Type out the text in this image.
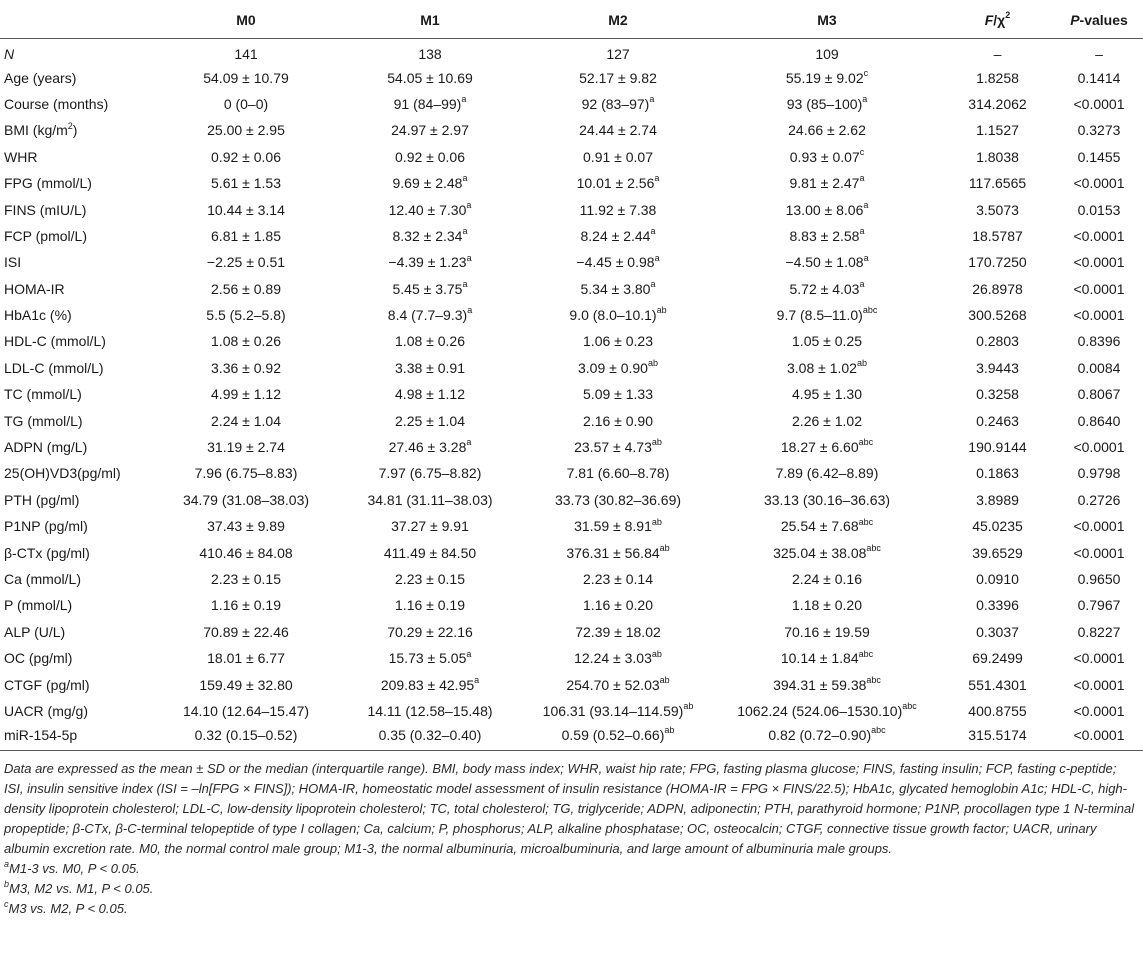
	M0	M1	M2	M3	$F/\chi^2$	P-values
N	141	138	127	109	–	–
Age (years)	54.09 ± 10.79	54.05 ± 10.69	52.17 ± 9.82	55.19 ± 9.02$^c$	1.8258	0.1414
Course (months)	0 (0–0)	91 $(84-99)^a$	92 $(83-97)^a$	93 $(85-100)^a$	314.2062	<0.0001
BMI $(kg/m^2)$	25.00 ± 2.95	24.97 ± 2.97	24.44 ± 2.74	24.66 ± 2.62	1.1527	0.3273
WHR	0.92 ± 0.06	0.92 ± 0.06	0.91 ± 0.07	0.93 ± 0.07$^c$	1.8038	0.1455
FPG (mmol/L)	5.61 ± 1.53	9.69 ± 2.48$^a$	10.01 ± 2.56$^a$	9.81 ± 2.47$^a$	117.6565	<0.0001
FINS (mIU/L)	10.44 ± 3.14	12.40 ± 7.30$^a$	11.92 ± 7.38	13.00 ± 8.06$^a$	3.5073	0.0153
FCP (pmol/L)	6.81 ± 1.85	8.32 ± 2.34$^a$	8.24 ± 2.44$^a$	8.83 ± 2.58$^a$	18.5787	<0.0001
ISI	−2.25 ± 0.51	−4.39 ± 1.23$^a$	−4.45 ± 0.98$^a$	−4.50 ± 1.08$^a$	170.7250	<0.0001
HOMA-IR	2.56 ± 0.89	5.45 ± 3.75$^a$	5.34 ± 3.80$^a$	5.72 ± 4.03$^a$	26.8978	<0.0001
HbA1c (%)	5.5 (5.2–5.8)	8.4 $(7.7-9.3)^a$	9.0 $(8.0-10.1)^{ab}$	9.7 $(8.5-11.0)^{abc}$	300.5268	<0.0001
HDL-C (mmol/L)	1.08 ± 0.26	1.08 ± 0.26	1.06 ± 0.23	1.05 ± 0.25	0.2803	0.8396
LDL-C (mmol/L)	3.36 ± 0.92	3.38 ± 0.91	3.09 ± 0.90$^{ab}$	3.08 ± 1.02$^{ab}$	3.9443	0.0084
TC (mmol/L)	4.99 ± 1.12	4.98 ± 1.12	5.09 ± 1.33	4.95 ± 1.30	0.3258	0.8067
TG (mmol/L)	2.24 ± 1.04	2.25 ± 1.04	2.16 ± 0.90	2.26 ± 1.02	0.2463	0.8640
ADPN (mg/L)	31.19 ± 2.74	27.46 ± 3.28$^a$	23.57 ± 4.73$^{ab}$	18.27 ± 6.60$^{abc}$	190.9144	<0.0001
25(OH)VD3(pg/ml)	7.96 (6.75–8.83)	7.97 (6.75–8.82)	7.81 (6.60–8.78)	7.89 (6.42–8.89)	0.1863	0.9798
PTH (pg/ml)	34.79 (31.08–38.03)	34.81 (31.11–38.03)	33.73 (30.82–36.69)	33.13 (30.16–36.63)	3.8989	0.2726
P1NP (pg/ml)	37.43 ± 9.89	37.27 ± 9.91	31.59 ± 8.91$^{ab}$	25.54 ± 7.68$^{abc}$	45.0235	<0.0001
β-CTx (pg/ml)	410.46 ± 84.08	411.49 ± 84.50	376.31 ± 56.84$^{ab}$	325.04 ± 38.08$^{abc}$	39.6529	<0.0001
Ca (mmol/L)	2.23 ± 0.15	2.23 ± 0.15	2.23 ± 0.14	2.24 ± 0.16	0.0910	0.9650
P (mmol/L)	1.16 ± 0.19	1.16 ± 0.19	1.16 ± 0.20	1.18 ± 0.20	0.3396	0.7967
ALP (U/L)	70.89 ± 22.46	70.29 ± 22.16	72.39 ± 18.02	70.16 ± 19.59	0.3037	0.8227
OC (pg/ml)	18.01 ± 6.77	15.73 ± 5.05$^a$	12.24 ± 3.03$^{ab}$	10.14 ± 1.84$^{abc}$	69.2499	<0.0001
CTGF (pg/ml)	159.49 ± 32.80	209.83 ± 42.95$^a$	254.70 ± 52.03$^{ab}$	394.31 ± 59.38$^{abc}$	551.4301	<0.0001
UACR (mg/g)	14.10 (12.64–15.47)	14.11 (12.58–15.48)	106.31 $(93.14-114.59)^{ab}$	1062.24 $(524.06-1530.10)^{abc}$	400.8755	<0.0001
miR-154-5p	0.32 (0.15–0.52)	0.35 (0.32–0.40)	0.59 $(0.52-0.66)^{ab}$	0.82 $(0.72-0.90)^{abc}$	315.5174	<0.0001

Data are expressed as the mean ± SD or the median (interquartile range). BMI, body mass index; WHR, waist hip rate; FPG, fasting plasma glucose; FINS, fasting insulin; FCP, fasting c-peptide; ISI, insulin sensitive index (ISI = –ln[FPG × FINS]); HOMA-IR, homeostatic model assessment of insulin resistance (HOMA-IR = FPG × FINS/22.5); HbA1c, glycated hemoglobin A1c; HDL-C, high-density lipoprotein cholesterol; LDL-C, low-density lipoprotein cholesterol; TC, total cholesterol; TG, triglyceride; ADPN, adiponectin; PTH, parathyroid hormone; P1NP, procollagen type 1 N-terminal propeptide; β-CTx, β-C-terminal telopeptide of type I collagen; Ca, calcium; P, phosphorus; ALP, alkaline phosphatase; OC, osteocalcin; CTGF, connective tissue growth factor; UACR, urinary albumin excretion rate. M0, the normal control male group; M1-3, the normal albuminuria, microalbuminuria, and large amount of albuminuria male groups.

$^a$M1-3 vs. M0, P < 0.05.

$^b$M3, M2 vs. M1, P < 0.05.

$^c$M3 vs. M2, P < 0.05.
